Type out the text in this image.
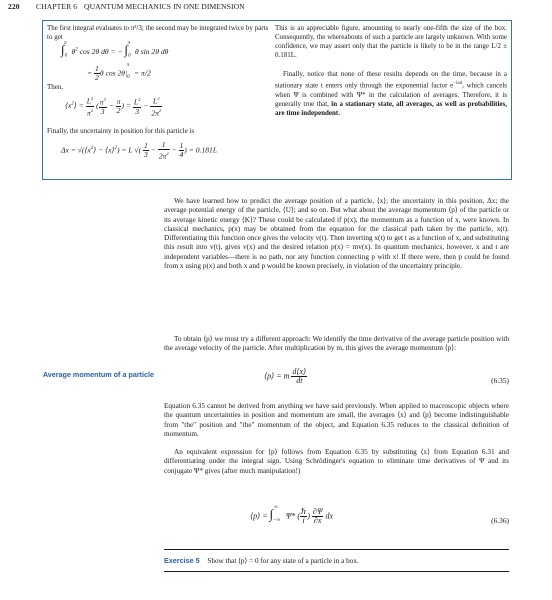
220 CHAPTER 6 QUANTUM MECHANICS IN ONE DIMENSION
The first integral evaluates to π³/3; the second may be integrated twice by parts to get
$\int_0^\pi$ $\theta^2$ cos 2θ dθ = − $\int_0^\pi$ θ sin 2θ dθ
= $\frac{1}{2}$ θ $\cos 2\theta|_0^\pi = \pi/2$
Then,
$⟨x^2⟩ = \frac{L^2}{\pi^2}$ ( $\frac{\pi^3}{3} - \frac{\pi}{2}$ ) = $\frac{L^2}{3} - \frac{L^2}{2\pi^2}$
Finally, the uncertainty in position for this particle is
$\Delta x = √(⟨x^2⟩$ − ⟨x⟩$^2$) = L √( $\frac{1}{3} - \frac{1}{2\pi^2} - \frac{1}{4}$ ) = 0.181L
This is an appreciable figure, amounting to nearly one-fifth the size of the box. Consequently, the whereabouts of such a particle are largely unknown. With some confidence, we may assert only that the particle is likely to be in the range L/2 ± 0.181L.
Finally, notice that none of these results depends on the time, because in a stationary state t enters only through the exponential factor $e^{-i\omega t}$, which cancels when Ψ is combined with Ψ* in the calculation of averages. Therefore, it is generally true that, in a stationary state, all averages, as well as probabilities, are time independent.
We have learned how to predict the average position of a particle, ⟨x⟩; the uncertainty in this position, Δx; the average potential energy of the particle, ⟨U⟩; and so on. But what about the average momentum ⟨p⟩ of the particle or its average kinetic energy ⟨K⟩? These could be calculated if p(x), the momentum as a function of x, were known. In classical mechanics, p(x) may be obtained from the equation for the classical path taken by the particle, x(t). Differentiating this function once gives the velocity v(t). Then inverting x(t) to get t as a function of x, and substituting this result into v(t), gives v(x) and the desired relation p(x) = mv(x). In quantum mechanics, however, x and t are independent variables—there is no path, nor any function connecting p with x! If there were, then p could be found from x using p(x) and both x and p would be known precisely, in violation of the uncertainty principle.
To obtain ⟨p⟩ we must try a different approach: We identify the time derivative of the average particle position with the average velocity of the particle. After multiplication by m, this gives the average momentum ⟨p⟩:
Average momentum of a particle	⟨p⟩ = m $\frac{d⟨x⟩}{dt}$	(6.35)
Equation 6.35 cannot be derived from anything we have said previously. When applied to macroscopic objects where the quantum uncertainties in position and momentum are small, the averages ⟨x⟩ and ⟨p⟩ become indistinguishable from "the" position and "the" momentum of the object, and Equation 6.35 reduces to the classical definition of momentum.
An equivalent expression for ⟨p⟩ follows from Equation 6.35 by substituting ⟨x⟩ from Equation 6.31 and differentiating under the integral sign. Using Schrödinger's equation to eliminate time derivatives of Ψ and its conjugate Ψ* gives (after much manipulation!)
⟨p⟩ = $\int_{-\infty}^\infty$ Ψ* ( $\frac{\text{ℏ}}{i}$ ) $\frac{\partial\Psi}{\partial x}$ dx
(6.36)
Exercise 5 Show that ⟨p⟩ = 0 for any state of a particle in a box.
